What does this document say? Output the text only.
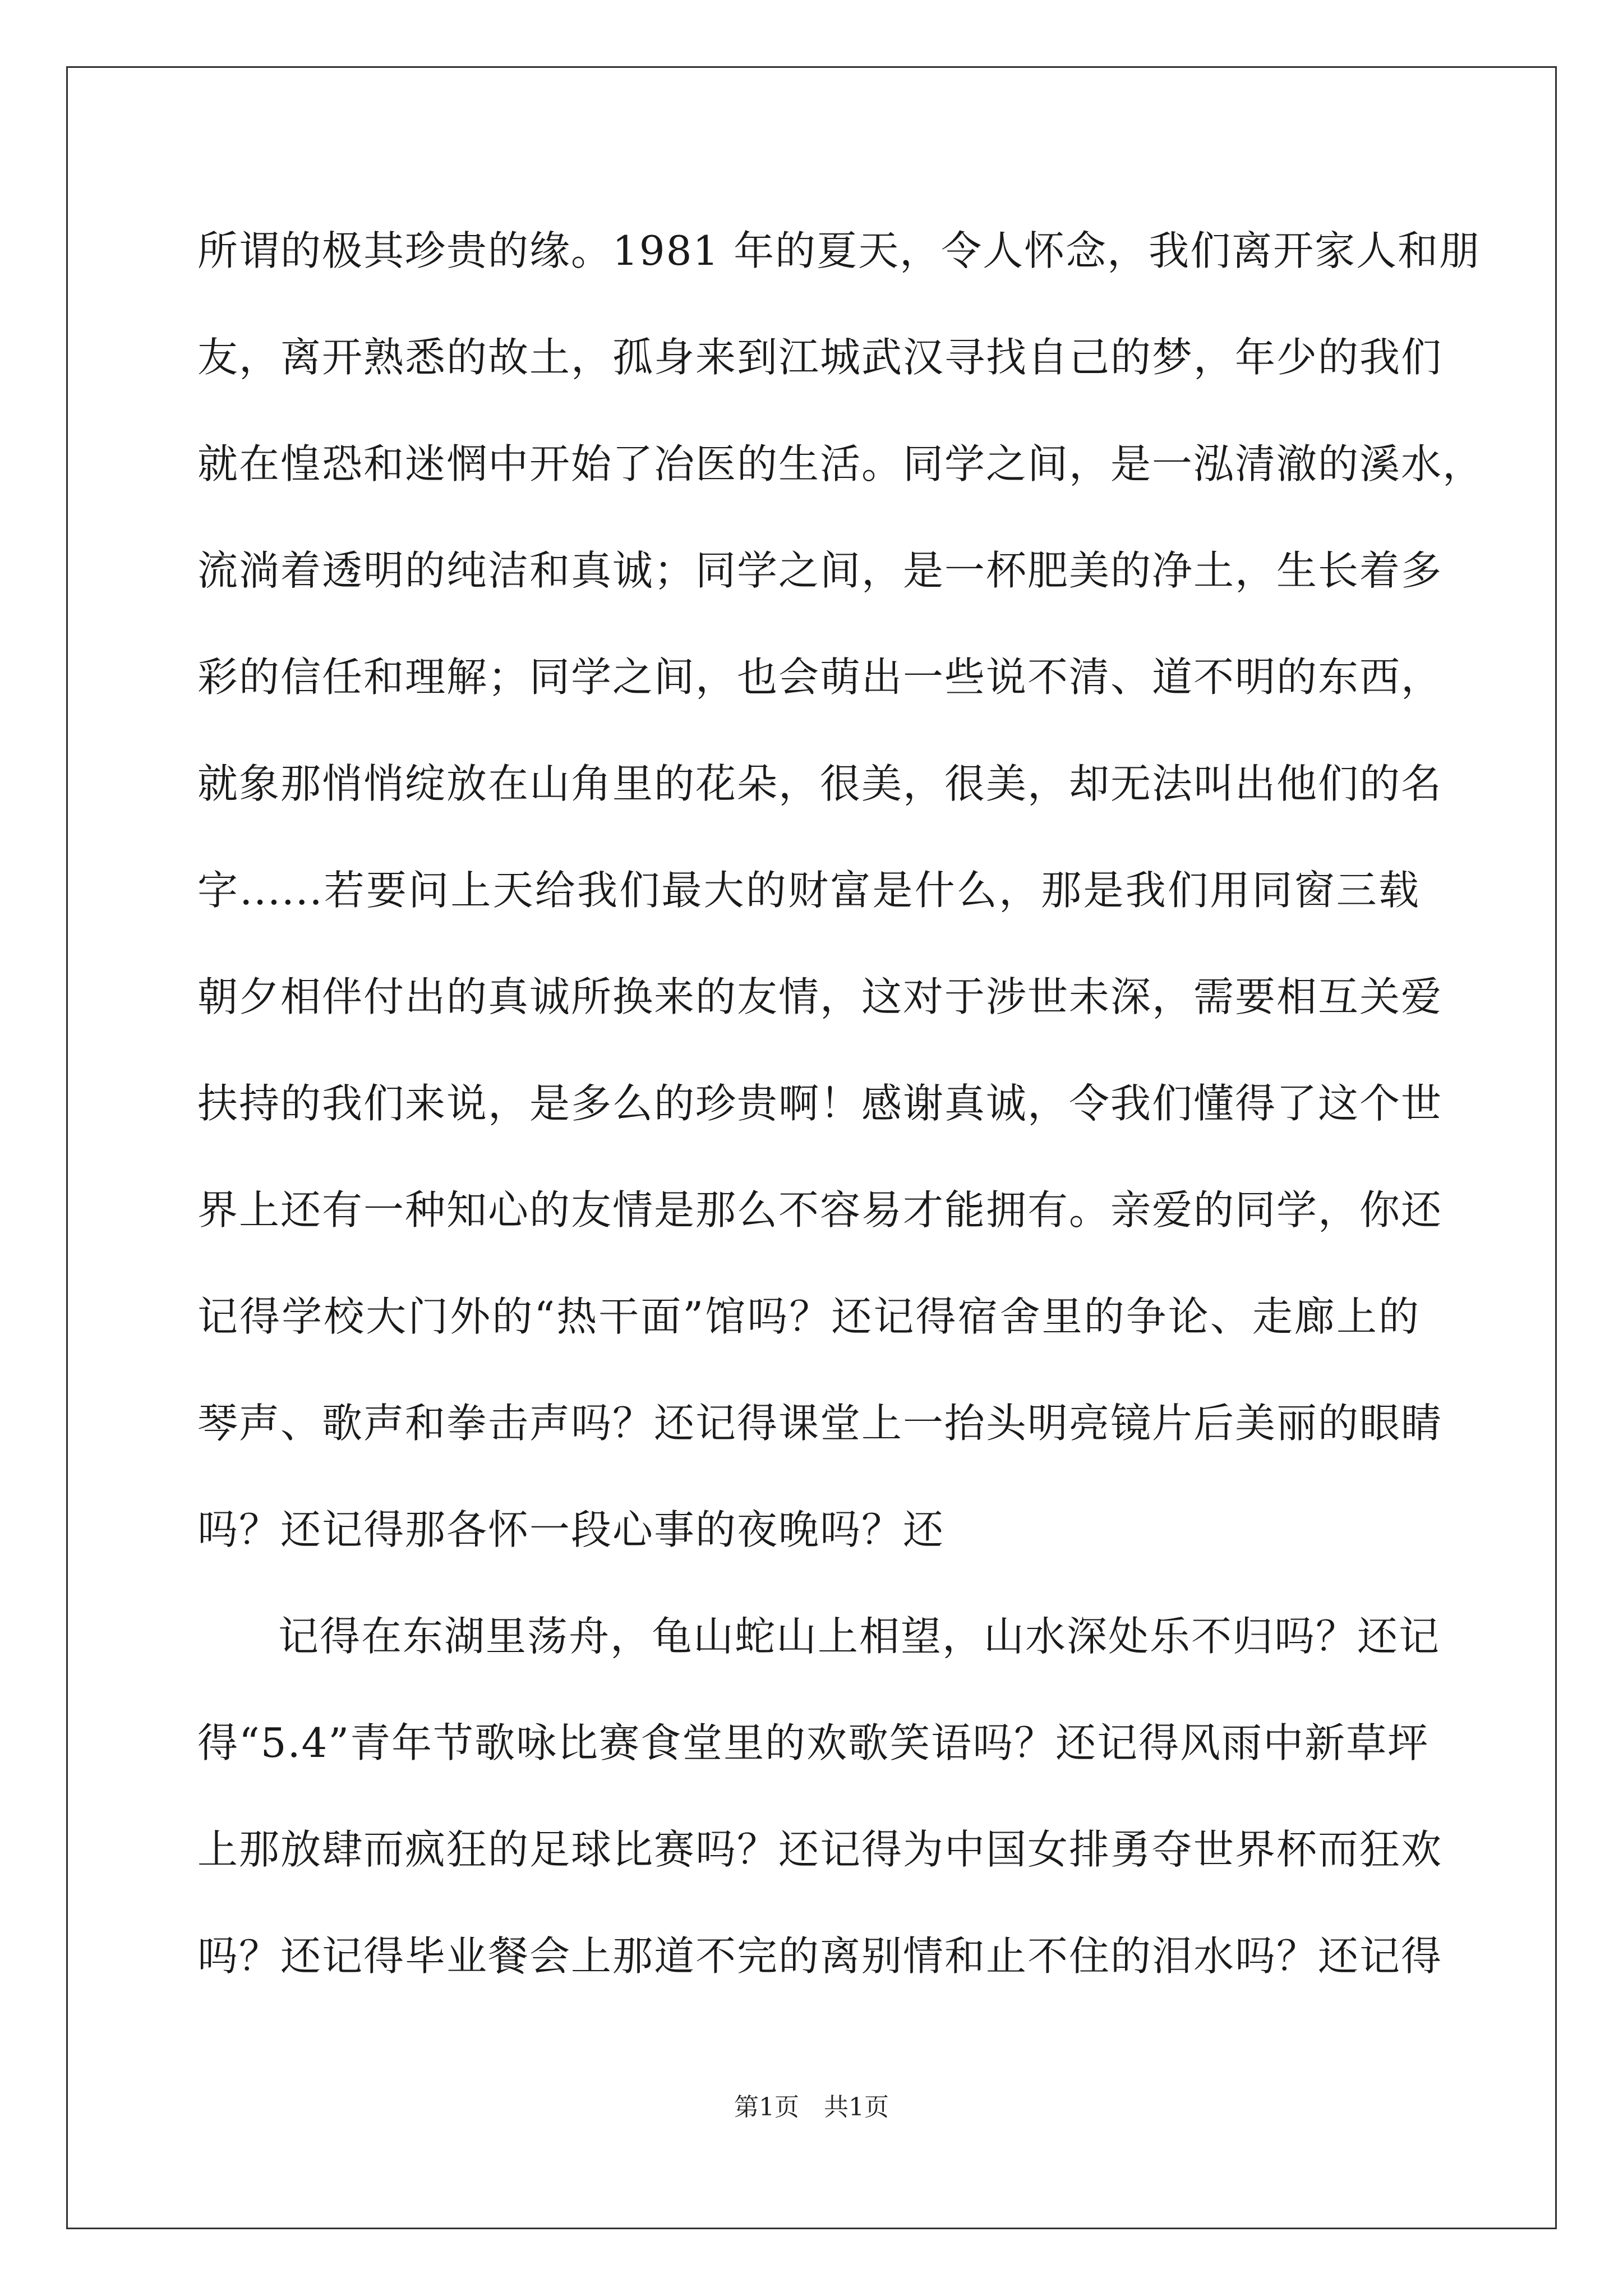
所谓的极其珍贵的缘。1981 年的夏天，令人怀念，我们离开家人和朋
友，离开熟悉的故土，孤身来到江城武汉寻找自己的梦，年少的我们
就在惶恐和迷惘中开始了冶医的生活。同学之间，是一泓清澈的溪水，
流淌着透明的纯洁和真诚；同学之间，是一杯肥美的净土，生长着多
彩的信任和理解；同学之间，也会萌出一些说不清、道不明的东西，
就象那悄悄绽放在山角里的花朵，很美，很美，却无法叫出他们的名
字......若要问上天给我们最大的财富是什么，那是我们用同窗三载
朝夕相伴付出的真诚所换来的友情，这对于涉世未深，需要相互关爱
扶持的我们来说，是多么的珍贵啊！感谢真诚，令我们懂得了这个世
界上还有一种知心的友情是那么不容易才能拥有。亲爱的同学，你还
记得学校大门外的“热干面”馆吗？还记得宿舍里的争论、走廊上的
琴声、歌声和拳击声吗？还记得课堂上一抬头明亮镜片后美丽的眼睛
吗？还记得那各怀一段心事的夜晚吗？还
记得在东湖里荡舟，龟山蛇山上相望，山水深处乐不归吗？还记
得“5.4”青年节歌咏比赛食堂里的欢歌笑语吗？还记得风雨中新草坪
上那放肆而疯狂的足球比赛吗？还记得为中国女排勇夺世界杯而狂欢
吗？还记得毕业餐会上那道不完的离别情和止不住的泪水吗？还记得
第1页 共1页
